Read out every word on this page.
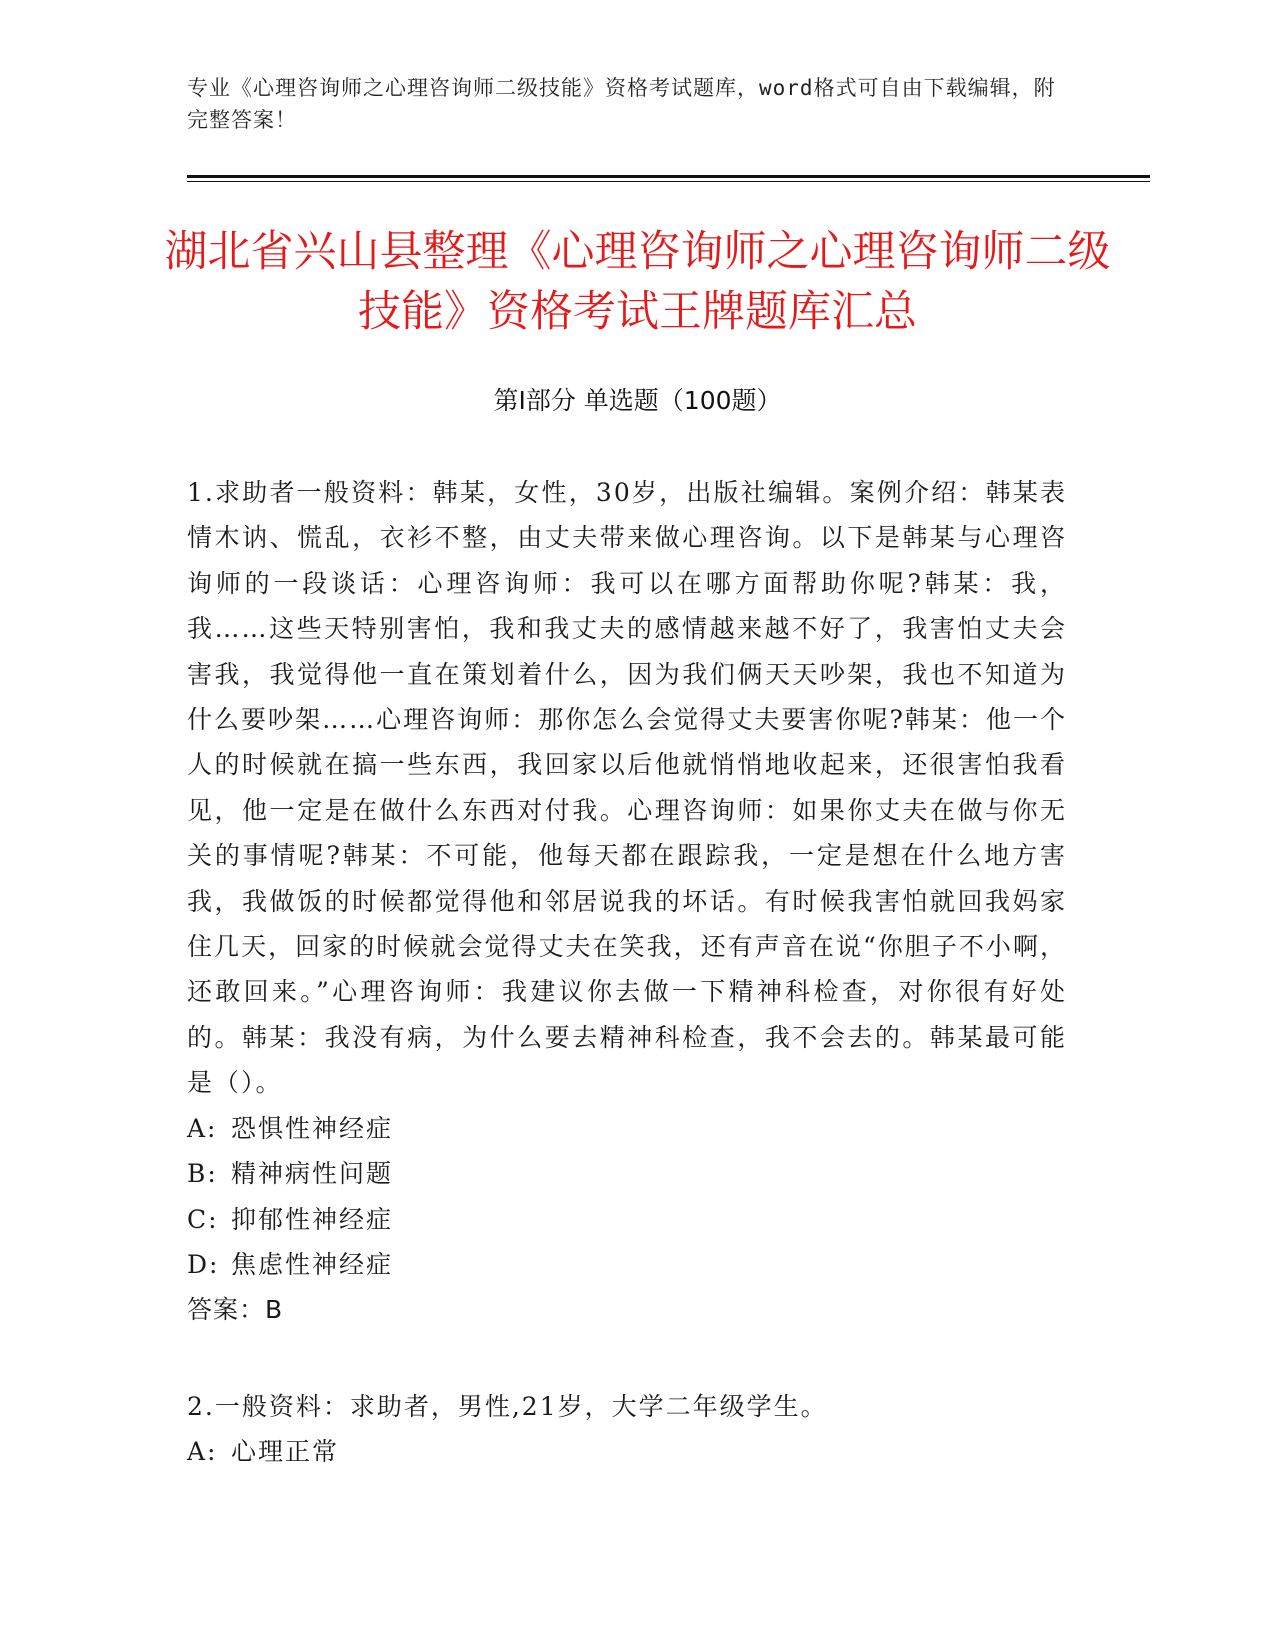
专业《心理咨询师之心理咨询师二级技能》资格考试题库，word格式可自由下载编辑，附完整答案！
湖北省兴山县整理《心理咨询师之心理咨询师二级技能》资格考试王牌题库汇总
第Ⅰ部分 单选题（100题）

1.求助者一般资料：韩某，女性，30岁，出版社编辑。案例介绍：韩某表情木讷、慌乱，衣衫不整，由丈夫带来做心理咨询。以下是韩某与心理咨询师的一段谈话：心理咨询师：我可以在哪方面帮助你呢?韩某：我，我……这些天特别害怕，我和我丈夫的感情越来越不好了，我害怕丈夫会害我，我觉得他一直在策划着什么，因为我们俩天天吵架，我也不知道为什么要吵架……心理咨询师：那你怎么会觉得丈夫要害你呢?韩某：他一个人的时候就在搞一些东西，我回家以后他就悄悄地收起来，还很害怕我看见，他一定是在做什么东西对付我。心理咨询师：如果你丈夫在做与你无关的事情呢?韩某：不可能，他每天都在跟踪我，一定是想在什么地方害我，我做饭的时候都觉得他和邻居说我的坏话。有时候我害怕就回我妈家住几天，回家的时候就会觉得丈夫在笑我，还有声音在说“你胆子不小啊，还敢回来。”心理咨询师：我建议你去做一下精神科检查，对你很有好处的。韩某：我没有病，为什么要去精神科检查，我不会去的。韩某最可能是（）。

A: 恐惧性神经症

B: 精神病性问题

C: 抑郁性神经症

D: 焦虑性神经症

答案：B

2.一般资料：求助者，男性,21岁，大学二年级学生。

A: 心理正常
